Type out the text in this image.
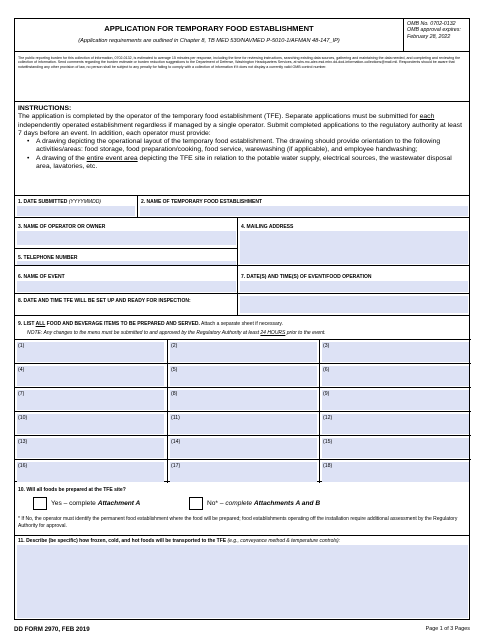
APPLICATION FOR TEMPORARY FOOD ESTABLISHMENT
(Application requirements are outlined in Chapter 8, TB MED 530/NAVMED P-5010-1/AFMAN 48-147_IP)
OMB No. 0702-0132
OMB approval expires:
February 28, 2022
The public reporting burden for this collection of information, 0702-0132, is estimated to average 15 minutes per response, including the time for reviewing instructions, searching existing data sources, gathering and maintaining the data needed, and completing and reviewing the collection of information. Send comments regarding the burden estimate or burden reduction suggestions to the Department of Defense, Washington Headquarters Services, at whs.mc-alex.esd.mbx.dd-dod-information-collections@mail.mil. Respondents should be aware that notwithstanding any other provision of law, no person shall be subject to any penalty for failing to comply with a collection of information if it does not display a currently valid OMB control number.
INSTRUCTIONS:
The application is completed by the operator of the temporary food establishment (TFE). Separate applications must be submitted for each independently operated establishment regardless if managed by a single operator. Submit completed applications to the regulatory authority at least 7 days before an event. In addition, each operator must provide:
• A drawing depicting the operational layout of the temporary food establishment. The drawing should provide orientation to the following activities/areas: food storage, food preparation/cooking, food service, warewashing (if applicable), and employee handwashing;
• A drawing of the entire event area depicting the TFE site in relation to the potable water supply, electrical sources, the wastewater disposal area, lavatories, etc.
1. DATE SUBMITTED (YYYYMMDD)	2. NAME OF TEMPORARY FOOD ESTABLISHMENT
3. NAME OF OPERATOR OR OWNER
5. TELEPHONE NUMBER
4. MAILING ADDRESS
6. NAME OF EVENT	7. DATE(S) AND TIME(S) OF EVENT/FOOD OPERATION
8. DATE AND TIME TFE WILL BE SET UP AND READY FOR INSPECTION:
9. LIST ALL FOOD AND BEVERAGE ITEMS TO BE PREPARED AND SERVED. Attach a separate sheet if necessary.
NOTE: Any changes to the menu must be submitted to and approved by the Regulatory Authority at least 24 HOURS prior to the event.
(1)	(2)	(3)
(4)	(5)	(6)
(7)	(8)	(9)
(10)	(11)	(12)
(13)	(14)	(15)
(16)	(17)	(18)
10. Will all foods be prepared at the TFE site?
Yes – complete Attachment A	No* – complete Attachments A and B
* If No, the operator must identify the permanent food establishment where the food will be prepared; food establishments operating off the installation require additional assessment by the Regulatory Authority for approval.
11. Describe (be specific) how frozen, cold, and hot foods will be transported to the TFE (e.g., conveyance method & temperature controls):
DD FORM 2970, FEB 2019	Page 1 of 3 Pages
